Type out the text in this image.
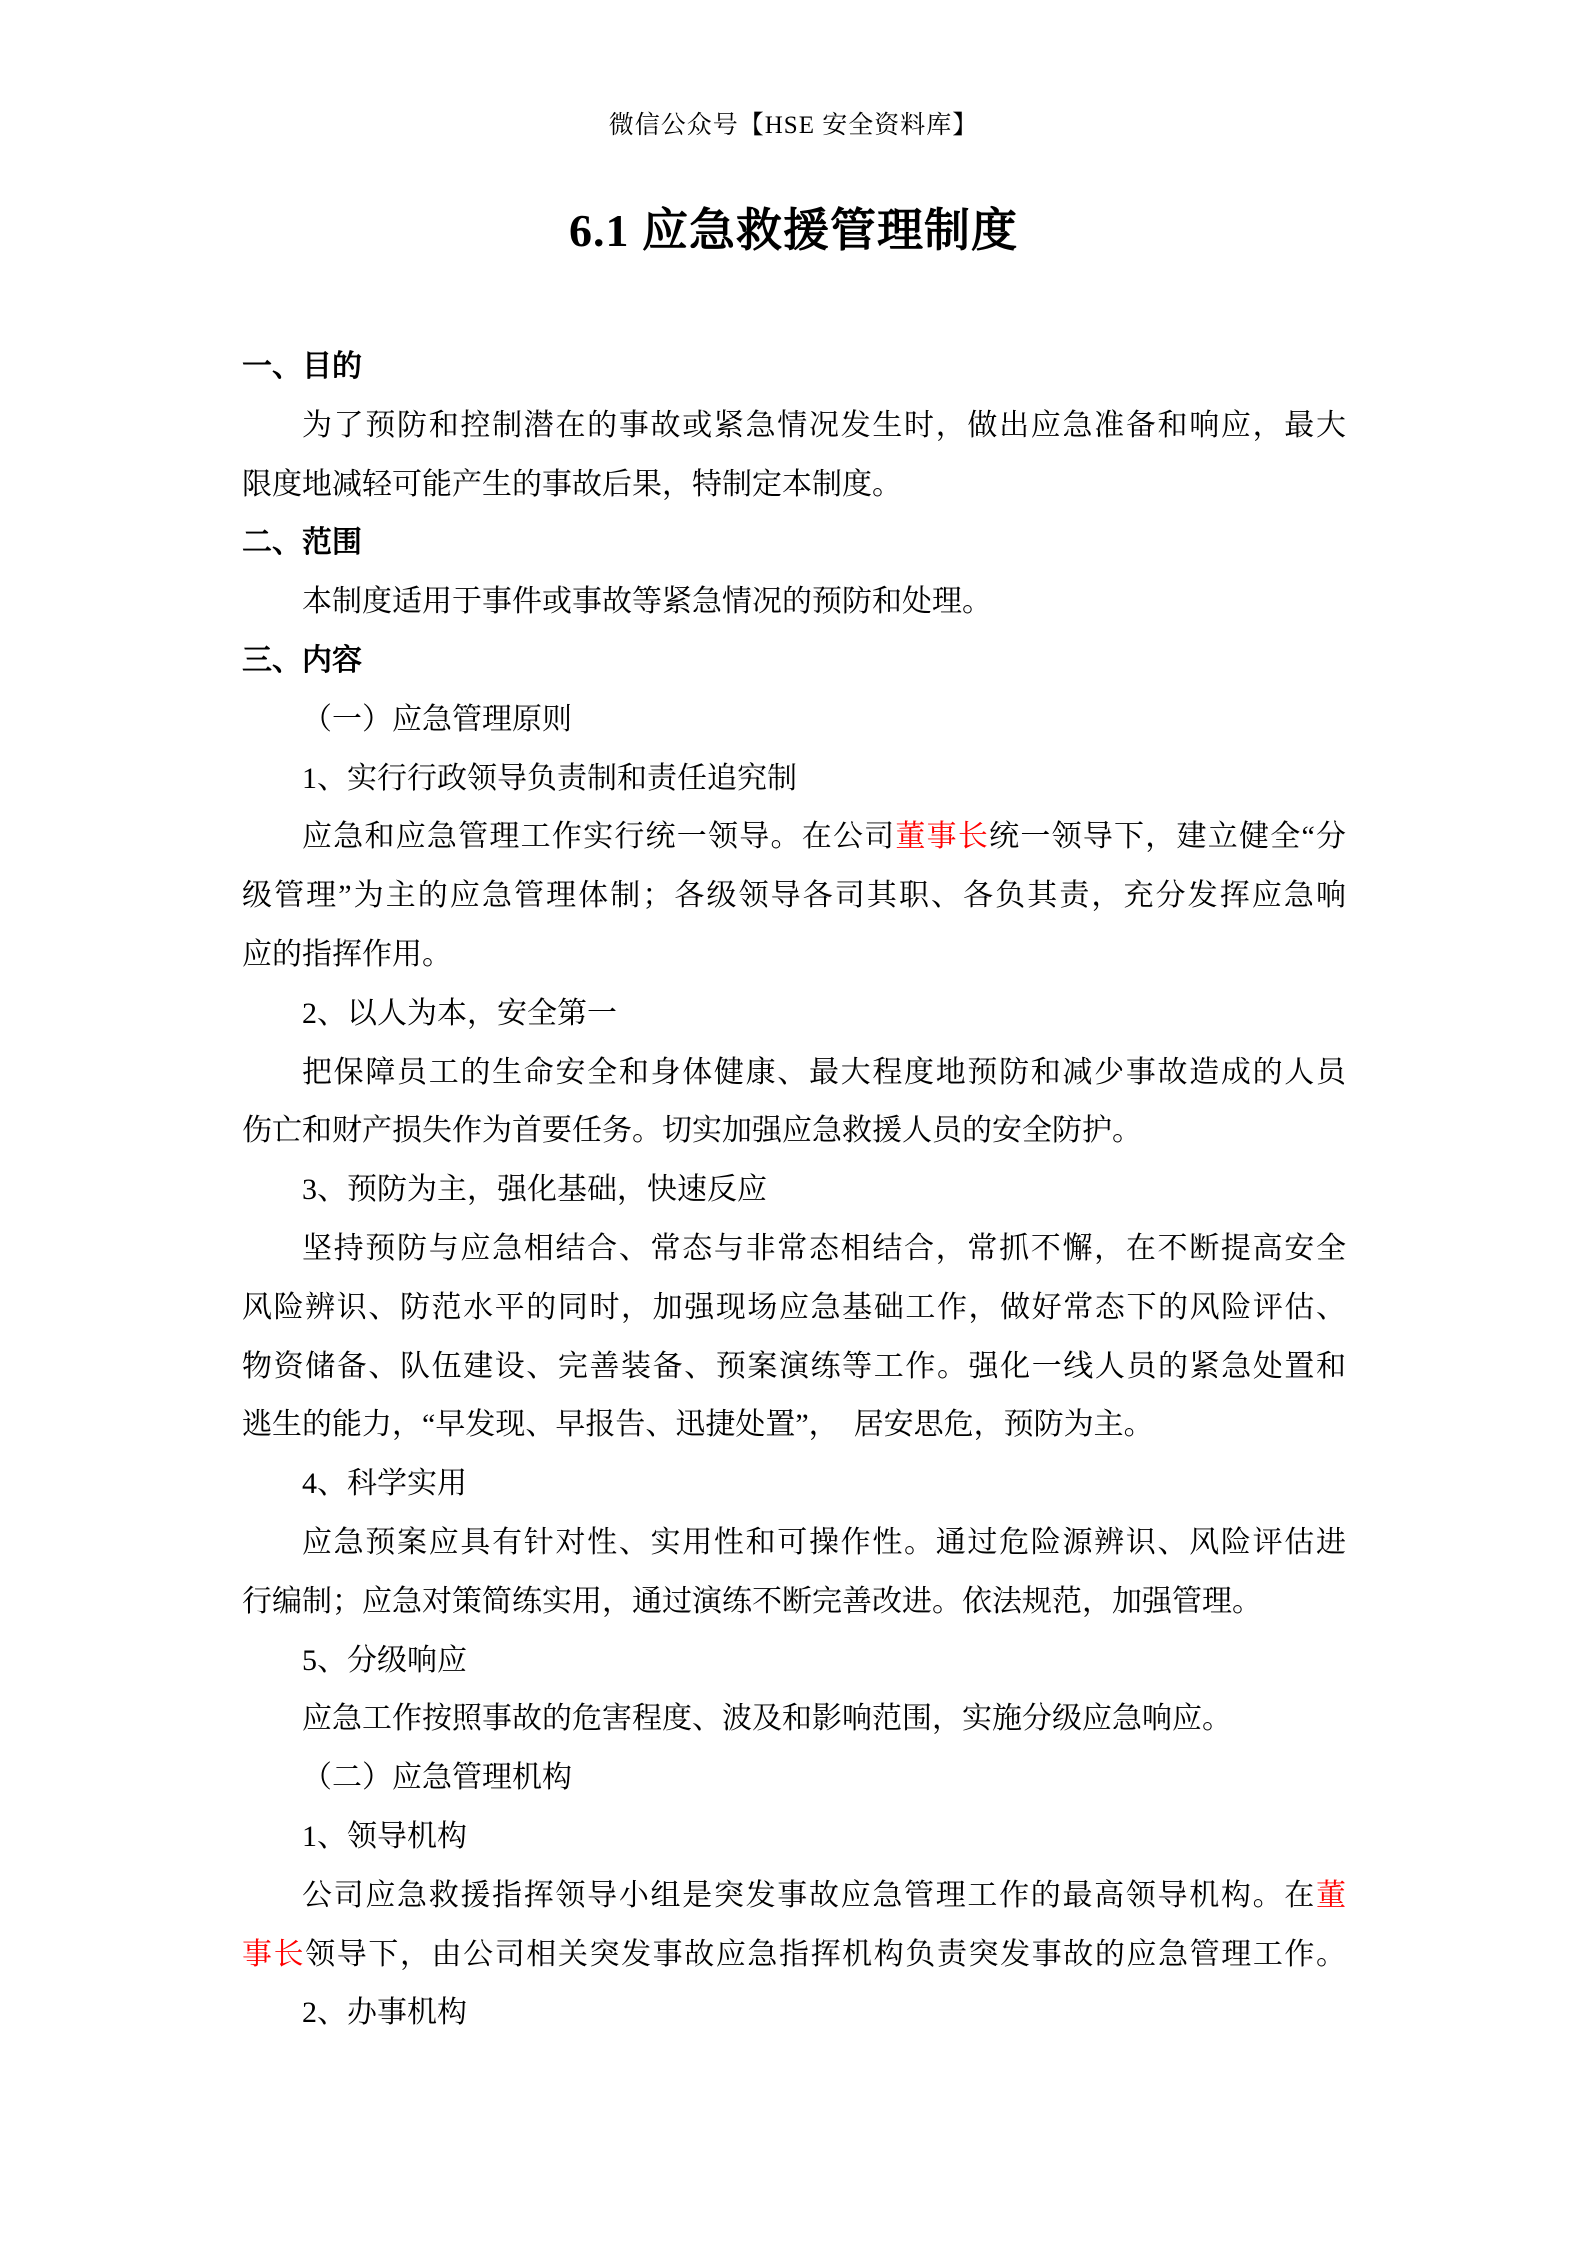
微信公众号【HSE 安全资料库】
6.1 应急救援管理制度
一、目的
为了预防和控制潜在的事故或紧急情况发生时，做出应急准备和响应，最大
限度地减轻可能产生的事故后果，特制定本制度。
二、范围
本制度适用于事件或事故等紧急情况的预防和处理。
三、内容
（一）应急管理原则
1、实行行政领导负责制和责任追究制
应急和应急管理工作实行统一领导。在公司董事长统一领导下，建立健全“分
级管理”为主的应急管理体制；各级领导各司其职、各负其责，充分发挥应急响
应的指挥作用。
2、以人为本，安全第一
把保障员工的生命安全和身体健康、最大程度地预防和减少事故造成的人员
伤亡和财产损失作为首要任务。切实加强应急救援人员的安全防护。
3、预防为主，强化基础，快速反应
坚持预防与应急相结合、常态与非常态相结合，常抓不懈，在不断提高安全
风险辨识、防范水平的同时，加强现场应急基础工作，做好常态下的风险评估、
物资储备、队伍建设、完善装备、预案演练等工作。强化一线人员的紧急处置和
逃生的能力，“早发现、早报告、迅捷处置”，　居安思危，预防为主。
4、科学实用
应急预案应具有针对性、实用性和可操作性。通过危险源辨识、风险评估进
行编制；应急对策简练实用，通过演练不断完善改进。依法规范，加强管理。
5、分级响应
应急工作按照事故的危害程度、波及和影响范围，实施分级应急响应。
（二）应急管理机构
1、领导机构
公司应急救援指挥领导小组是突发事故应急管理工作的最高领导机构。在董
事长领导下，由公司相关突发事故应急指挥机构负责突发事故的应急管理工作。
2、办事机构
